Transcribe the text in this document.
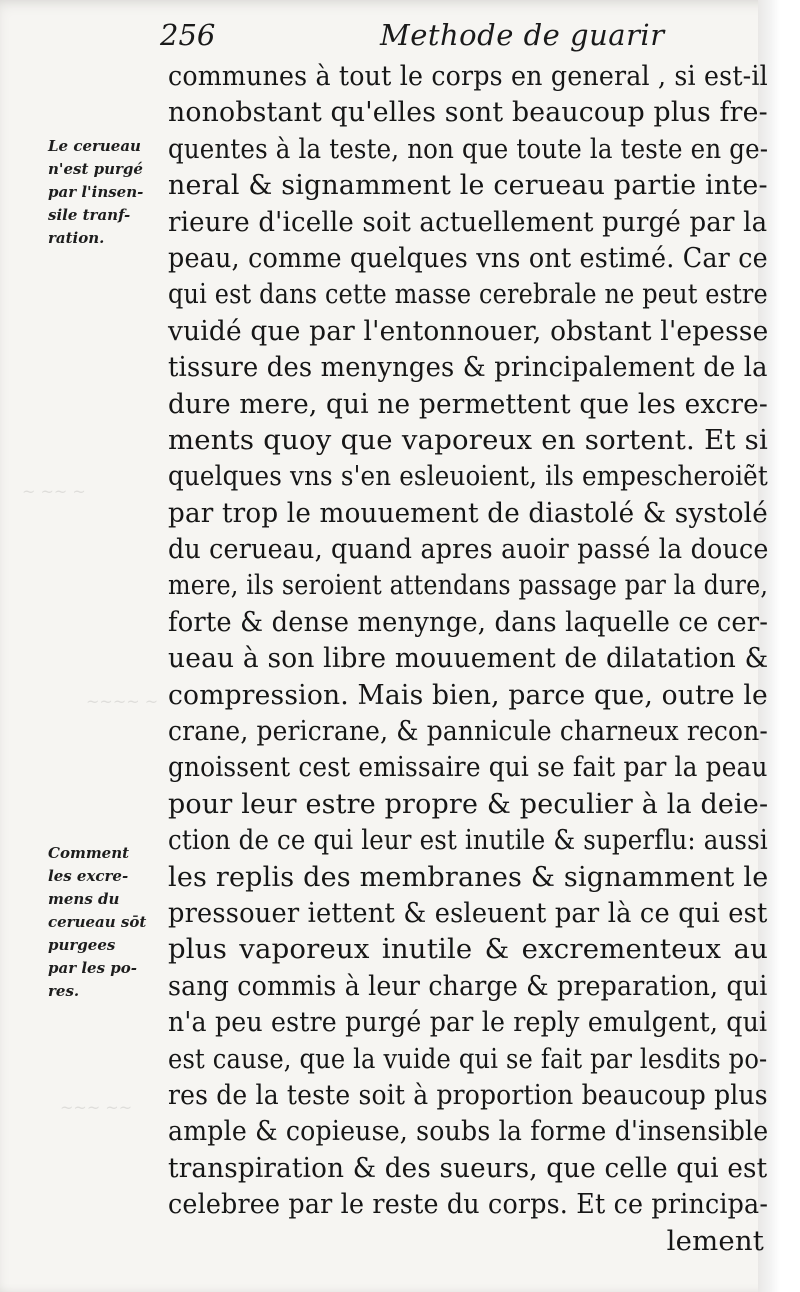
~ ~~ ~
~~~~ ~
~~~ ~~
256	Methode de guarir
Le cerueau
n'est purgé
par l'insen-
sile tranf-
ration.
Comment
les excre-
mens du
cerueau sōt
purgees
par les po-
res.
communes à tout le corps en general , si est-il
nonobstant qu'elles sont beaucoup plus fre-
quentes à la teste, non que toute la teste en ge-
neral & signamment le cerueau partie inte-
rieure d'icelle soit actuellement purgé par la
peau, comme quelques vns ont estimé. Car ce
qui est dans cette masse cerebrale ne peut estre
vuidé que par l'entonnouer, obstant l'epesse
tissure des menynges & principalement de la
dure mere, qui ne permettent que les excre-
ments quoy que vaporeux en sortent. Et si
quelques vns s'en esleuoient, ils empescheroiẽt
par trop le mouuement de diastolé & systolé
du cerueau, quand apres auoir passé la douce
mere, ils seroient attendans passage par la dure,
forte & dense menynge, dans laquelle ce cer-
ueau à son libre mouuement de dilatation &
compression. Mais bien, parce que, outre le
crane, pericrane, & pannicule charneux recon-
gnoissent cest emissaire qui se fait par la peau
pour leur estre propre & peculier à la deie-
ction de ce qui leur est inutile & superflu: aussi
les replis des membranes & signamment le
pressouer iettent & esleuent par là ce qui est
plus vaporeux inutile & excrementeux au
sang commis à leur charge & preparation, qui
n'a peu estre purgé par le reply emulgent, qui
est cause, que la vuide qui se fait par lesdits po-
res de la teste soit à proportion beaucoup plus
ample & copieuse, soubs la forme d'insensible
transpiration & des sueurs, que celle qui est
celebree par le reste du corps. Et ce principa-
lement
